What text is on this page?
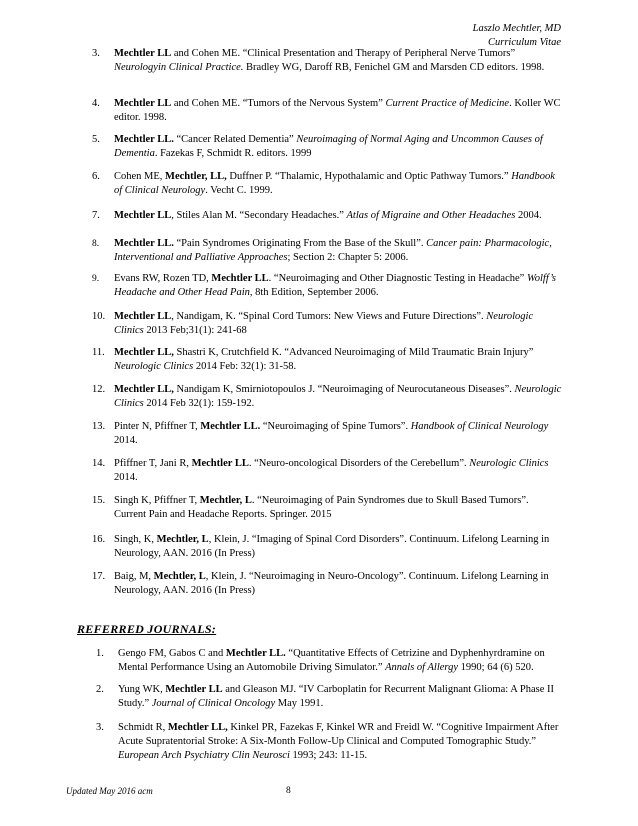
Laszlo Mechtler, MD
Curriculum Vitae
3.	Mechtler LL and Cohen ME. “Clinical Presentation and Therapy of Peripheral Nerve Tumors” Neurologyin Clinical Practice. Bradley WG, Daroff RB, Fenichel GM and Marsden CD editors. 1998.
4.	Mechtler LL and Cohen ME. “Tumors of the Nervous System” Current Practice of Medicine. Koller WC editor. 1998.
5.	Mechtler LL. “Cancer Related Dementia” Neuroimaging of Normal Aging and Uncommon Causes of Dementia. Fazekas F, Schmidt R. editors. 1999
6.	Cohen ME, Mechtler, LL, Duffner P. “Thalamic, Hypothalamic and Optic Pathway Tumors.” Handbook of Clinical Neurology. Vecht C. 1999.
7.	Mechtler LL, Stiles Alan M. “Secondary Headaches.” Atlas of Migraine and Other Headaches 2004.
8.	Mechtler LL. “Pain Syndromes Originating From the Base of the Skull”. Cancer pain: Pharmacologic, Interventional and Palliative Approaches; Section 2: Chapter 5: 2006.
9.	Evans RW, Rozen TD, Mechtler LL. “Neuroimaging and Other Diagnostic Testing in Headache” Wolff’s Headache and Other Head Pain, 8th Edition, September 2006.
10. Mechtler LL, Nandigam, K. “Spinal Cord Tumors: New Views and Future Directions”. Neurologic Clinics 2013 Feb;31(1): 241-68
11. Mechtler LL, Shastri K, Crutchfield K. “Advanced Neuroimaging of Mild Traumatic Brain Injury” Neurologic Clinics 2014 Feb: 32(1): 31-58.
12. Mechtler LL, Nandigam K, Smirniotopoulos J. “Neuroimaging of Neurocutaneous Diseases”. Neurologic Clinics 2014 Feb 32(1): 159-192.
13. Pinter N, Pfiffner T, Mechtler LL. “Neuroimaging of Spine Tumors”. Handbook of Clinical Neurology 2014.
14. Pfiffner T, Jani R, Mechtler LL. “Neuro-oncological Disorders of the Cerebellum”. Neurologic Clinics 2014.
15. Singh K, Pfiffner T, Mechtler, L. “Neuroimaging of Pain Syndromes due to Skull Based Tumors”. Current Pain and Headache Reports. Springer. 2015
16. Singh, K, Mechtler, L, Klein, J. “Imaging of Spinal Cord Disorders”. Continuum. Lifelong Learning in Neurology, AAN. 2016 (In Press)
17. Baig, M, Mechtler, L, Klein, J. “Neuroimaging in Neuro-Oncology”. Continuum. Lifelong Learning in Neurology, AAN. 2016 (In Press)
REFERRED JOURNALS:
1.	Gengo FM, Gabos C and Mechtler LL. “Quantitative Effects of Cetrizine and Dyphenhyrdramine on Mental Performance Using an Automobile Driving Simulator.” Annals of Allergy 1990; 64 (6) 520.
2.	Yung WK, Mechtler LL and Gleason MJ. “IV Carboplatin for Recurrent Malignant Glioma: A Phase II Study.” Journal of Clinical Oncology May 1991.
3.	Schmidt R, Mechtler LL, Kinkel PR, Fazekas F, Kinkel WR and Freidl W. “Cognitive Impairment After Acute Supratentorial Stroke: A Six-Month Follow-Up Clinical and Computed Tomographic Study.” European Arch Psychiatry Clin Neurosci 1993; 243: 11-15.
Updated May 2016 acm	8
